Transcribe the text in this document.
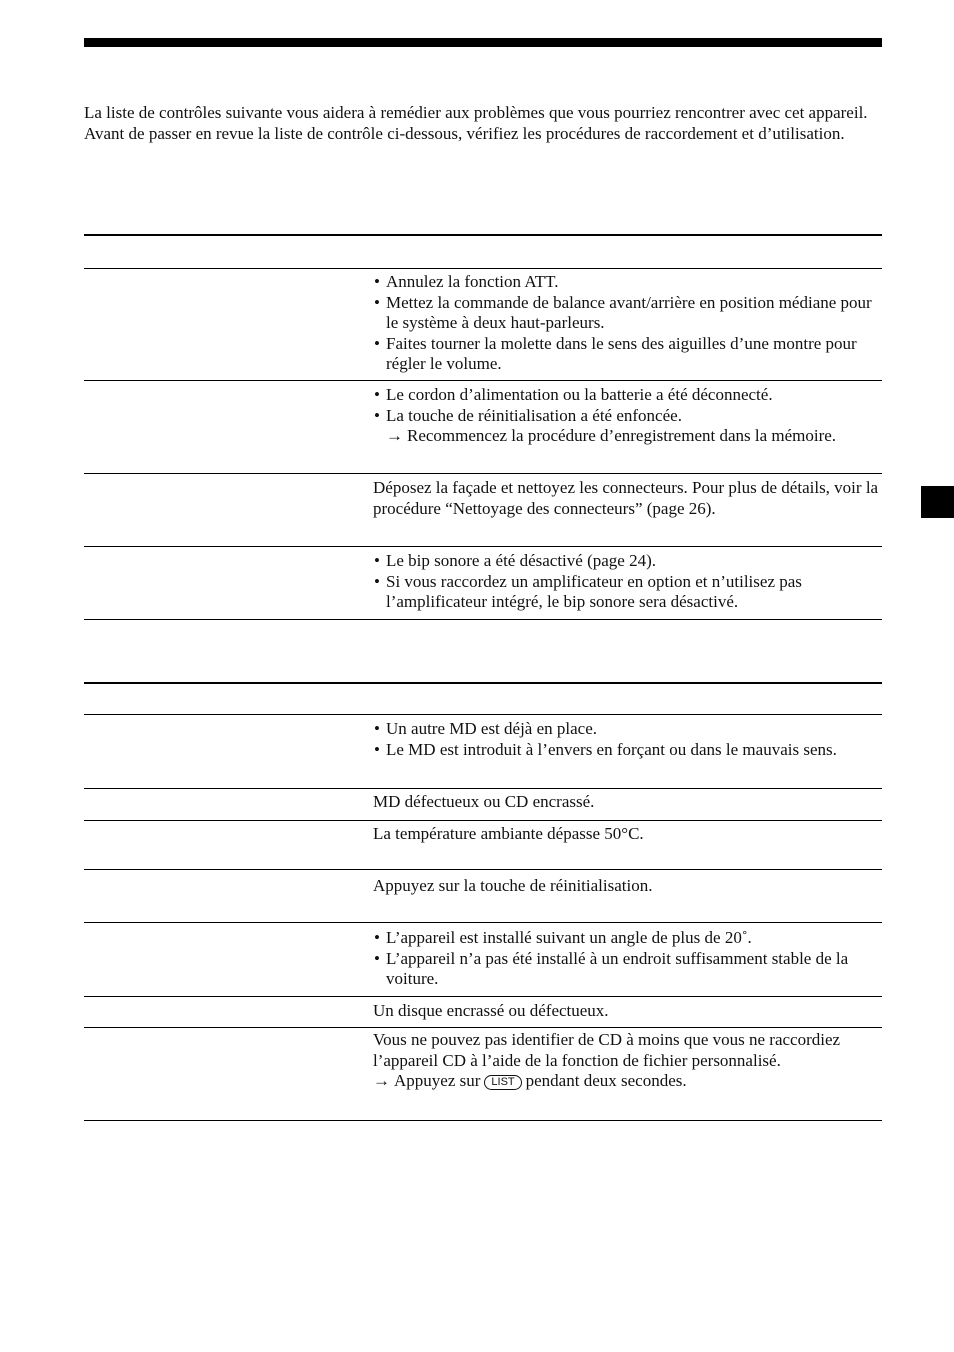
La liste de contrôles suivante vous aidera à remédier aux problèmes que vous pourriez rencontrer avec cet appareil.

Avant de passer en revue la liste de contrôle ci-dessous, vérifiez les procédures de raccordement et d’utilisation.

• Annulez la fonction ATT.
• Mettez la commande de balance avant/arrière en position médiane pour le système à deux haut-parleurs.
• Faites tourner la molette dans le sens des aiguilles d’une montre pour régler le volume.
• Le cordon d’alimentation ou la batterie a été déconnecté.
• La touche de réinitialisation a été enfoncée.
→ Recommencez la procédure d’enregistrement dans la mémoire.

Déposez la façade et nettoyez les connecteurs. Pour plus de détails, voir la procédure “Nettoyage des connecteurs” (page 26).

• Le bip sonore a été désactivé (page 24).
• Si vous raccordez un amplificateur en option et n’utilisez pas l’amplificateur intégré, le bip sonore sera désactivé.
• Un autre MD est déjà en place.
• Le MD est introduit à l’envers en forçant ou dans le mauvais sens.

MD défectueux ou CD encrassé.

La température ambiante dépasse 50°C.

Appuyez sur la touche de réinitialisation.

• L’appareil est installé suivant un angle de plus de 20˚.
• L’appareil n’a pas été installé à un endroit suffisamment stable de la voiture.

Un disque encrassé ou défectueux.

Vous ne pouvez pas identifier de CD à moins que vous ne raccordiez l’appareil CD à l’aide de la fonction de fichier personnalisé.

→ Appuyez sur LIST pendant deux secondes.
